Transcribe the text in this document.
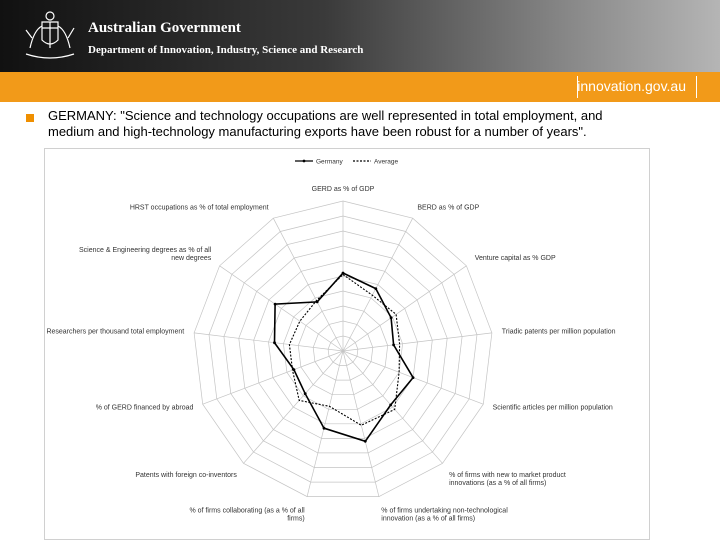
Australian Government
Department of Innovation, Industry, Science and Research
innovation.gov.au
GERMANY: "Science and technology occupations are well represented in total employment, and
medium and high-technology manufacturing exports have been robust for a number of years".
GERD as % of GDP
BERD as % of GDP
Venture capital as % GDP
Triadic patents per million population
Scientific articles per million population
% of firms with new to market product innovations (as a % of all firms)
% of firms undertaking non-technological innovation (as a % of all firms)
% of firms collaborating (as a % of all firms)
Patents with foreign co-inventors
% of GERD financed by abroad
Researchers per thousand total employment
Science & Engineering degrees as % of all new degrees
HRST occupations as % of total employment
Germany	Average
